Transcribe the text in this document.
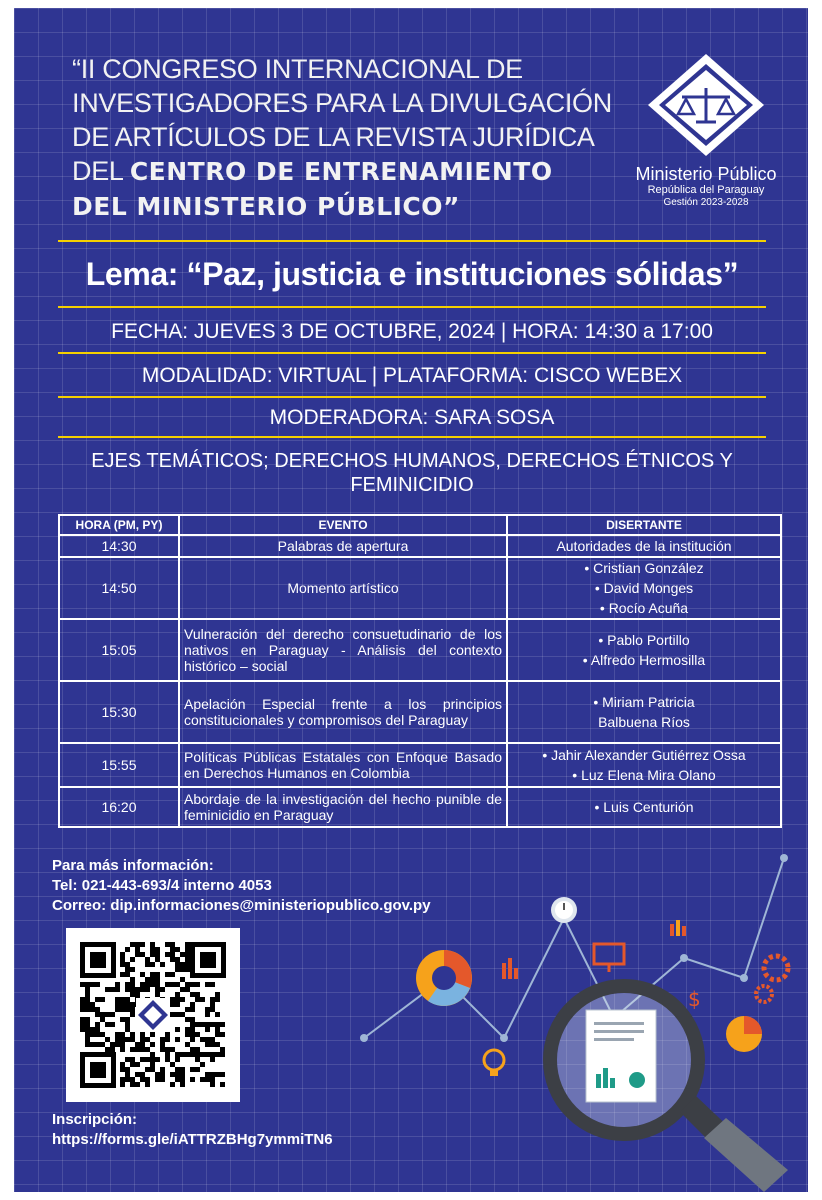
“II CONGRESO INTERNACIONAL DE
INVESTIGADORES PARA LA DIVULGACIÓN
DE ARTÍCULOS DE LA REVISTA JURÍDICA
DEL CENTRO DE ENTRENAMIENTO
DEL MINISTERIO PÚBLICO”
Ministerio Público
República del Paraguay
Gestión 2023-2028
Lema: “Paz, justicia e instituciones sólidas”
FECHA: JUEVES 3 DE OCTUBRE, 2024 | HORA: 14:30 a 17:00
MODALIDAD: VIRTUAL | PLATAFORMA: CISCO WEBEX
MODERADORA: SARA SOSA
EJES TEMÁTICOS; DERECHOS HUMANOS, DERECHOS ÉTNICOS Y
FEMINICIDIO
HORA (PM, PY)	EVENTO	DISERTANTE
14:30	Palabras de apertura	Autoridades de la institución

14:50	Momento artístico	• Cristian González
• David Monges
• Rocío Acuña

15:05	Vulneración del derecho consuetudinario de los nativos en Paraguay - Análisis del contexto histórico – social	• Pablo Portillo
• Alfredo Hermosilla

15:30	Apelación Especial frente a los principios constitucionales y compromisos del Paraguay	• Miriam Patricia
Balbuena Ríos

15:55	Políticas Públicas Estatales con Enfoque Basado en Derechos Humanos en Colombia	• Jahir Alexander Gutiérrez Ossa
• Luz Elena Mira Olano

16:20	Abordaje de la investigación del hecho punible de feminicidio en Paraguay	• Luis Centurión
Para más información:
Tel: 021-443-693/4 interno 4053
Correo: dip.informaciones@ministeriopublico.gov.py
Inscripción:
https://forms.gle/iATTRZBHg7ymmiTN6
$
